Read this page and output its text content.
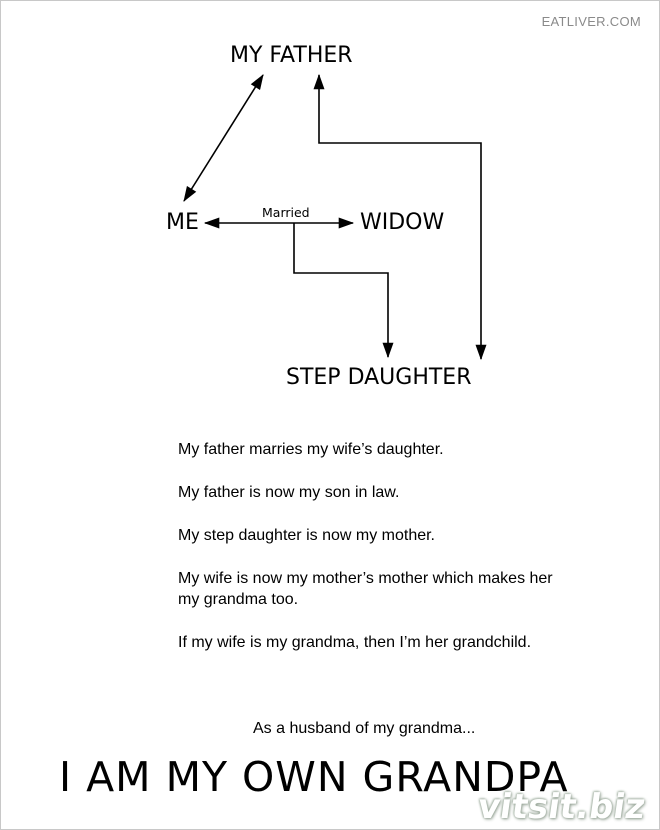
EATLIVER.COM
MY FATHER
ME	Married WIDOW
STEP DAUGHTER

My father marries my wife’s daughter.

My father is now my son in law.

My step daughter is now my mother.

My wife is now my mother’s mother which makes her my grandma too.

If my wife is my grandma, then I’m her grandchild.

As a husband of my grandma...
I AM MY OWN GRANDPA
vitsit.biz
